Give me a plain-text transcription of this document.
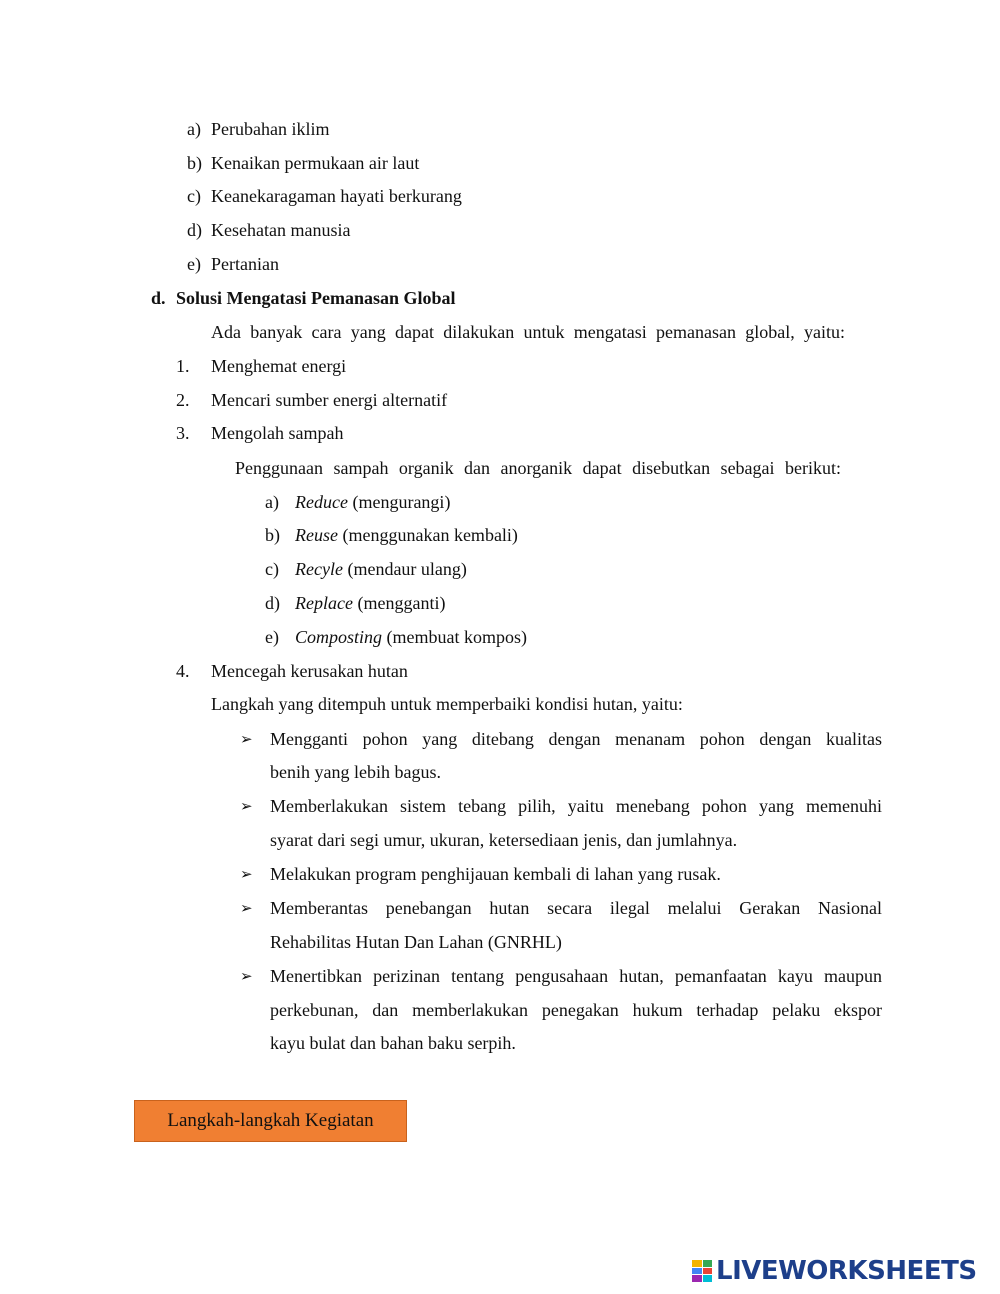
a) Perubahan iklim
b) Kenaikan permukaan air laut
c) Keanekaragaman hayati berkurang
d) Kesehatan manusia
e) Pertanian
d. Solusi Mengatasi Pemanasan Global
Ada banyak cara yang dapat dilakukan untuk mengatasi pemanasan global, yaitu:
1. Menghemat energi
2. Mencari sumber energi alternatif
3. Mengolah sampah
Penggunaan sampah organik dan anorganik dapat disebutkan sebagai berikut:
a) Reduce (mengurangi)
b) Reuse (menggunakan kembali)
c) Recyle (mendaur ulang)
d) Replace (mengganti)
e) Composting (membuat kompos)
4. Mencegah kerusakan hutan
Langkah yang ditempuh untuk memperbaiki kondisi hutan, yaitu:
➢ Mengganti pohon yang ditebang dengan menanam pohon dengan kualitas
benih yang lebih bagus.
➢ Memberlakukan sistem tebang pilih, yaitu menebang pohon yang memenuhi
syarat dari segi umur, ukuran, ketersediaan jenis, dan jumlahnya.
➢ Melakukan program penghijauan kembali di lahan yang rusak.
➢ Memberantas penebangan hutan secara ilegal melalui Gerakan Nasional
Rehabilitas Hutan Dan Lahan (GNRHL)
➢ Menertibkan perizinan tentang pengusahaan hutan, pemanfaatan kayu maupun
perkebunan, dan memberlakukan penegakan hukum terhadap pelaku ekspor
kayu bulat dan bahan baku serpih.
Langkah-langkah Kegiatan
LIVEWORKSHEETS
